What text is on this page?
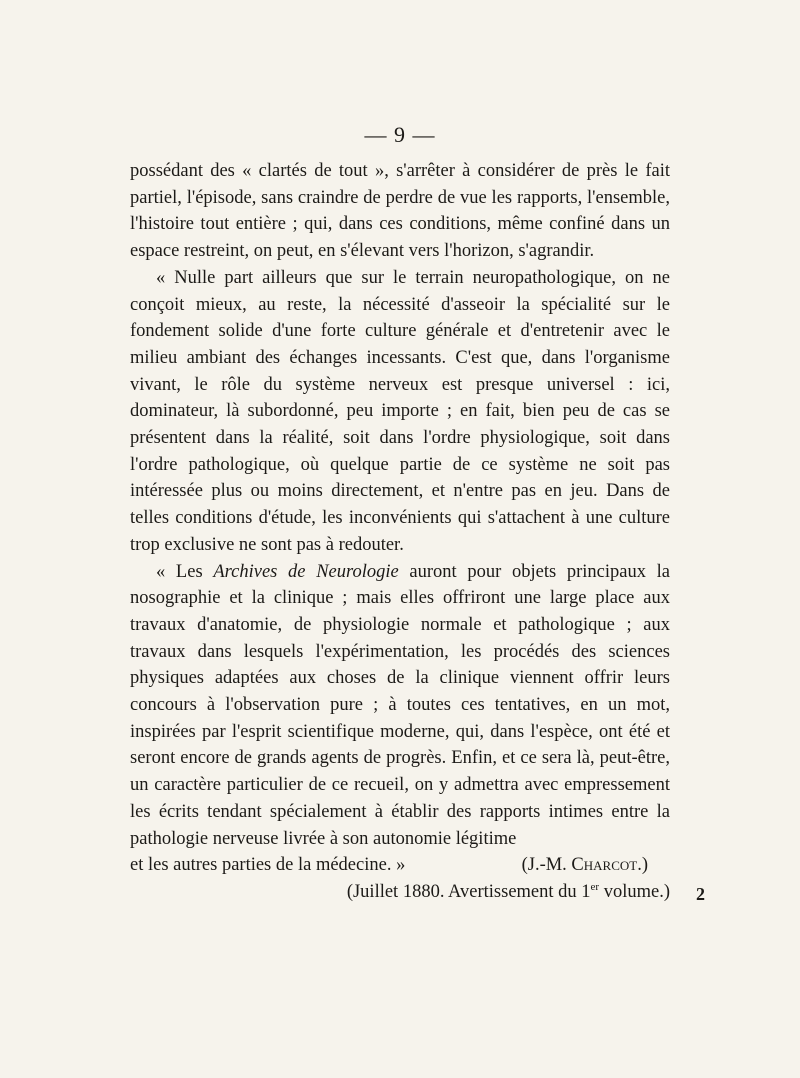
— 9 —

possédant des « clartés de tout », s'arrêter à considérer de près le fait partiel, l'épisode, sans craindre de perdre de vue les rapports, l'ensemble, l'histoire tout entière ; qui, dans ces conditions, même confiné dans un espace restreint, on peut, en s'élevant vers l'horizon, s'agrandir.

« Nulle part ailleurs que sur le terrain neuropathologique, on ne conçoit mieux, au reste, la nécessité d'asseoir la spécialité sur le fondement solide d'une forte culture générale et d'entretenir avec le milieu ambiant des échanges incessants. C'est que, dans l'organisme vivant, le rôle du système nerveux est presque universel : ici, dominateur, là subordonné, peu importe ; en fait, bien peu de cas se présentent dans la réalité, soit dans l'ordre physiologique, soit dans l'ordre pathologique, où quelque partie de ce système ne soit pas intéressée plus ou moins directement, et n'entre pas en jeu. Dans de telles conditions d'étude, les inconvénients qui s'attachent à une culture trop exclusive ne sont pas à redouter.

« Les Archives de Neurologie auront pour objets principaux la nosographie et la clinique ; mais elles offriront une large place aux travaux d'anatomie, de physiologie normale et pathologique ; aux travaux dans lesquels l'expérimentation, les procédés des sciences physiques adaptées aux choses de la clinique viennent offrir leurs concours à l'observation pure ; à toutes ces tentatives, en un mot, inspirées par l'esprit scientifique moderne, qui, dans l'espèce, ont été et seront encore de grands agents de progrès. Enfin, et ce sera là, peut-être, un caractère particulier de ce recueil, on y admettra avec empressement les écrits tendant spécialement à établir des rapports intimes entre la pathologie nerveuse livrée à son autonomie légitime

et les autres parties de la médecine. »	(J.-M. Charcot.)
(Juillet 1880. Avertissement du 1er volume.) 2
